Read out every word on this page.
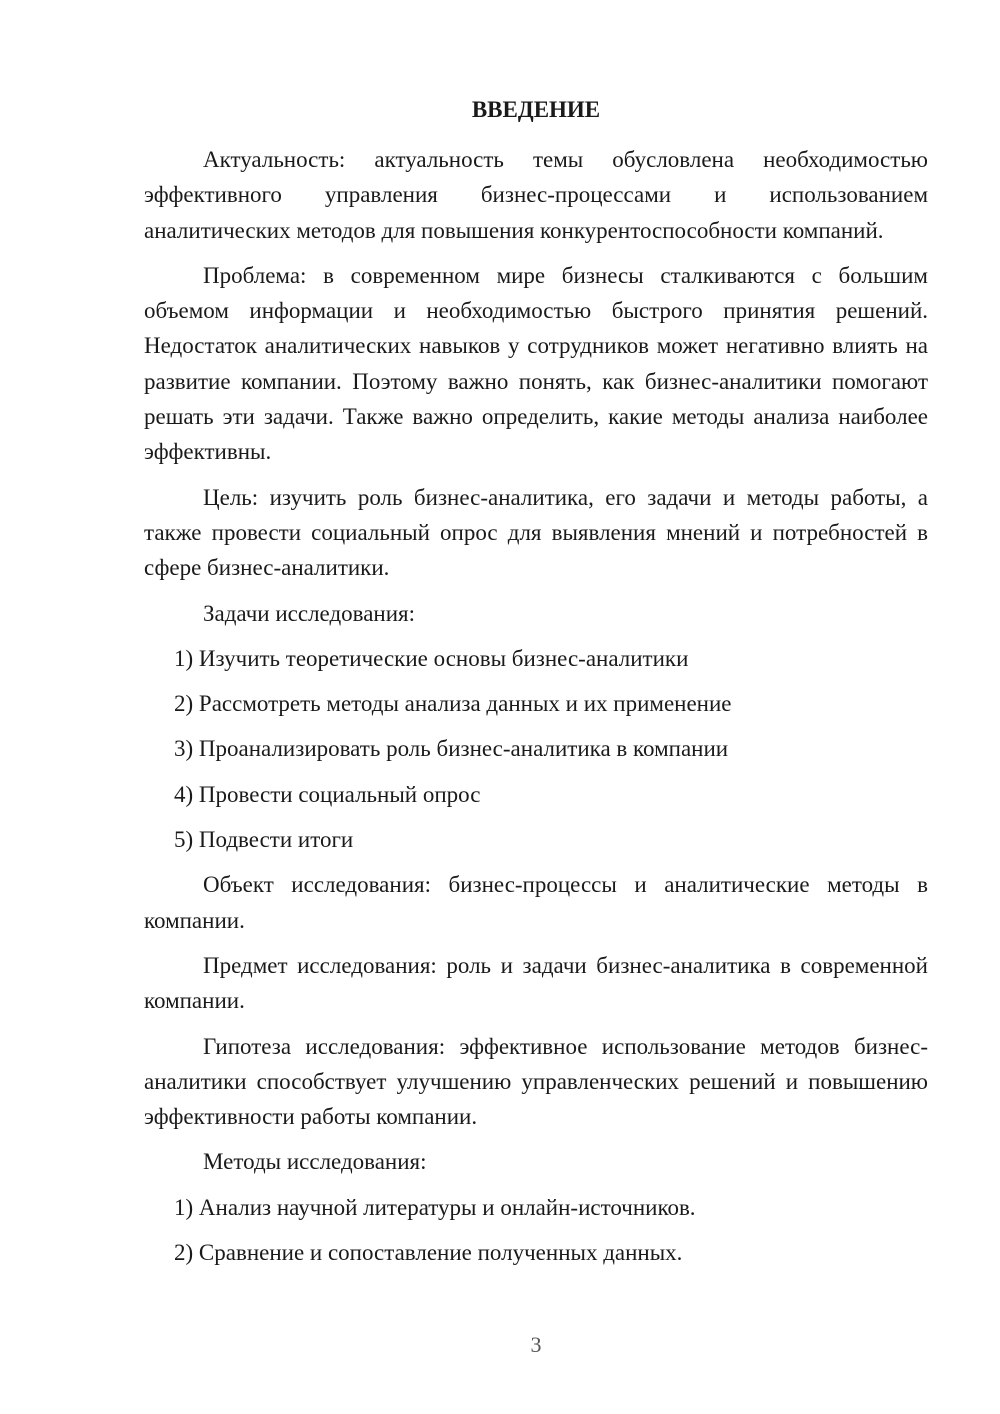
ВВЕДЕНИЕ

Актуальность: актуальность темы обусловлена необходимостью эффективного управления бизнес-процессами и использованием аналитических методов для повышения конкурентоспособности компаний.

Проблема: в современном мире бизнесы сталкиваются с большим объемом информации и необходимостью быстрого принятия решений. Недостаток аналитических навыков у сотрудников может негативно влиять на развитие компании. Поэтому важно понять, как бизнес-аналитики помогают решать эти задачи. Также важно определить, какие методы анализа наиболее эффективны.

Цель: изучить роль бизнес-аналитика, его задачи и методы работы, а также провести социальный опрос для выявления мнений и потребностей в сфере бизнес-аналитики.

Задачи исследования:

1) Изучить теоретические основы бизнес-аналитики
2) Рассмотреть методы анализа данных и их применение
3) Проанализировать роль бизнес-аналитика в компании
4) Провести социальный опрос
5) Подвести итоги

Объект исследования: бизнес-процессы и аналитические методы в компании.

Предмет исследования: роль и задачи бизнес-аналитика в современной компании.

Гипотеза исследования: эффективное использование методов бизнес-аналитики способствует улучшению управленческих решений и повышению эффективности работы компании.

Методы исследования:

1) Анализ научной литературы и онлайн-источников.
2) Сравнение и сопоставление полученных данных.
3
